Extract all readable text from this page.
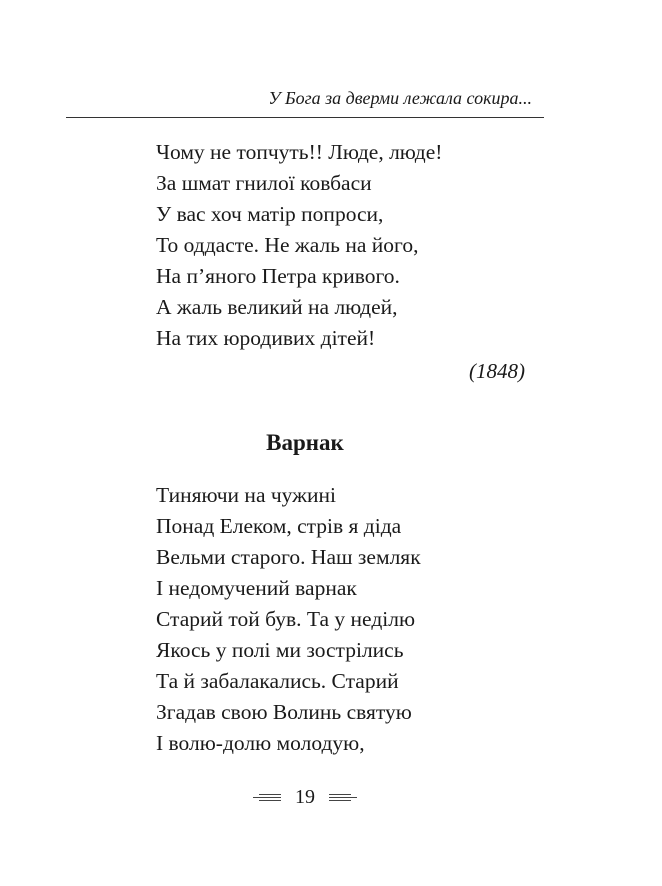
У Бога за дверми лежала сокира...
Чому не топчуть!! Люде, люде!
За шмат гнилої ковбаси
У вас хоч матір попроси,
То оддасте. Не жаль на його,
На п’яного Петра кривого.
А жаль великий на людей,
На тих юродивих дітей!
(1848)
Варнак
Тиняючи на чужині
Понад Елеком, стрів я діда
Вельми старого. Наш земляк
І недомучений варнак
Старий той був. Та у неділю
Якось у полі ми зострілись
Та й забалакались. Старий
Згадав свою Волинь святую
І волю-долю молодую,
19
